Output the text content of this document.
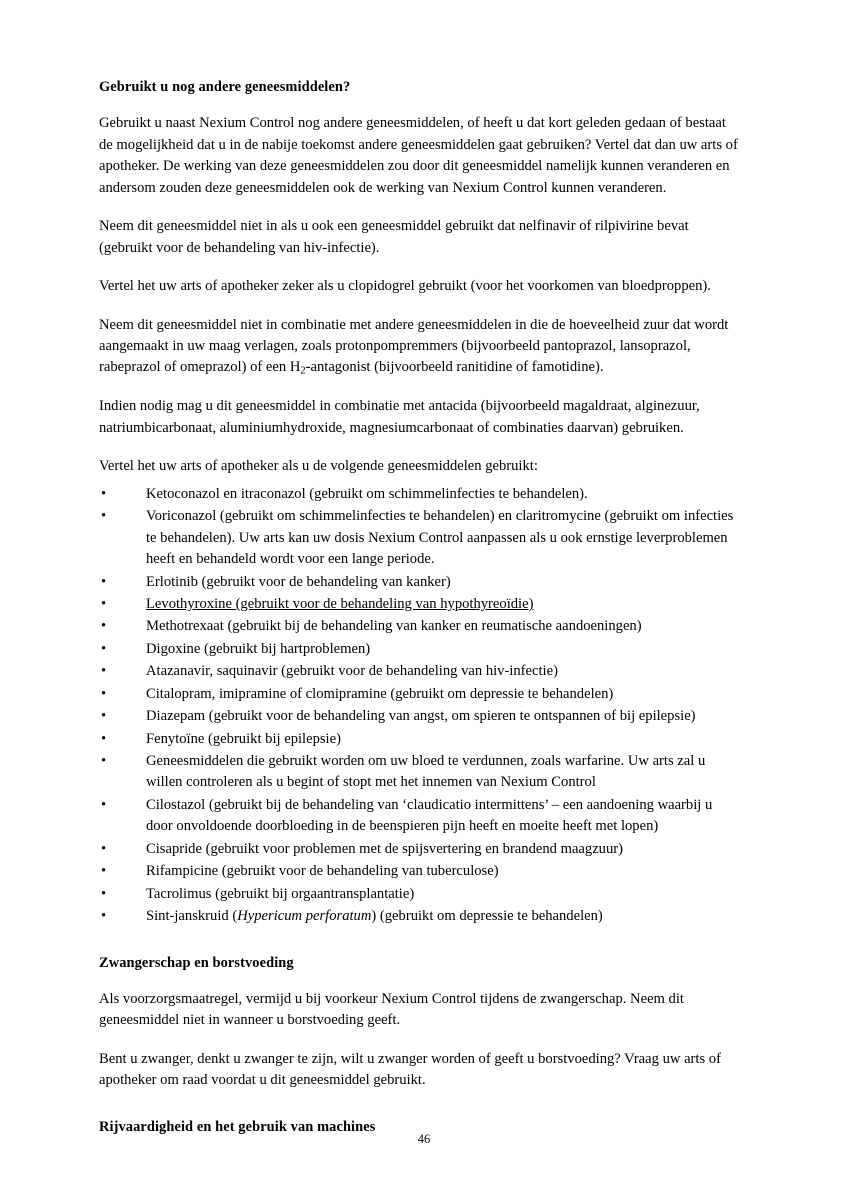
Gebruikt u nog andere geneesmiddelen?

Gebruikt u naast Nexium Control nog andere geneesmiddelen, of heeft u dat kort geleden gedaan of bestaat de mogelijkheid dat u in de nabije toekomst andere geneesmiddelen gaat gebruiken? Vertel dat dan uw arts of apotheker. De werking van deze geneesmiddelen zou door dit geneesmiddel namelijk kunnen veranderen en andersom zouden deze geneesmiddelen ook de werking van Nexium Control kunnen veranderen.

Neem dit geneesmiddel niet in als u ook een geneesmiddel gebruikt dat nelfinavir of rilpivirine bevat (gebruikt voor de behandeling van hiv-infectie).

Vertel het uw arts of apotheker zeker als u clopidogrel gebruikt (voor het voorkomen van bloedproppen).

Neem dit geneesmiddel niet in combinatie met andere geneesmiddelen in die de hoeveelheid zuur dat wordt aangemaakt in uw maag verlagen, zoals protonpompremmers (bijvoorbeeld pantoprazol, lansoprazol, rabeprazol of omeprazol) of een $H_2$-antagonist (bijvoorbeeld ranitidine of famotidine).

Indien nodig mag u dit geneesmiddel in combinatie met antacida (bijvoorbeeld magaldraat, alginezuur, natriumbicarbonaat, aluminiumhydroxide, magnesiumcarbonaat of combinaties daarvan) gebruiken.

Vertel het uw arts of apotheker als u de volgende geneesmiddelen gebruikt:

•	Ketoconazol en itraconazol (gebruikt om schimmelinfecties te behandelen).
•	Voriconazol (gebruikt om schimmelinfecties te behandelen) en claritromycine (gebruikt om infecties te behandelen). Uw arts kan uw dosis Nexium Control aanpassen als u ook ernstige leverproblemen heeft en behandeld wordt voor een lange periode.
•	Erlotinib (gebruikt voor de behandeling van kanker)
•	Levothyroxine (gebruikt voor de behandeling van hypothyreoïdie)
•	Methotrexaat (gebruikt bij de behandeling van kanker en reumatische aandoeningen)
•	Digoxine (gebruikt bij hartproblemen)
•	Atazanavir, saquinavir (gebruikt voor de behandeling van hiv-infectie)
•	Citalopram, imipramine of clomipramine (gebruikt om depressie te behandelen)
•	Diazepam (gebruikt voor de behandeling van angst, om spieren te ontspannen of bij epilepsie)
•	Fenytoïne (gebruikt bij epilepsie)
•	Geneesmiddelen die gebruikt worden om uw bloed te verdunnen, zoals warfarine. Uw arts zal u willen controleren als u begint of stopt met het innemen van Nexium Control
•	Cilostazol (gebruikt bij de behandeling van ‘claudicatio intermittens’ – een aandoening waarbij u door onvoldoende doorbloeding in de beenspieren pijn heeft en moeite heeft met lopen)
•	Cisapride (gebruikt voor problemen met de spijsvertering en brandend maagzuur)
•	Rifampicine (gebruikt voor de behandeling van tuberculose)
•	Tacrolimus (gebruikt bij orgaantransplantatie)
•	Sint-janskruid (Hypericum perforatum) (gebruikt om depressie te behandelen)
Zwangerschap en borstvoeding

Als voorzorgsmaatregel, vermijd u bij voorkeur Nexium Control tijdens de zwangerschap. Neem dit geneesmiddel niet in wanneer u borstvoeding geeft.

Bent u zwanger, denkt u zwanger te zijn, wilt u zwanger worden of geeft u borstvoeding? Vraag uw arts of apotheker om raad voordat u dit geneesmiddel gebruikt.

Rijvaardigheid en het gebruik van machines
46
